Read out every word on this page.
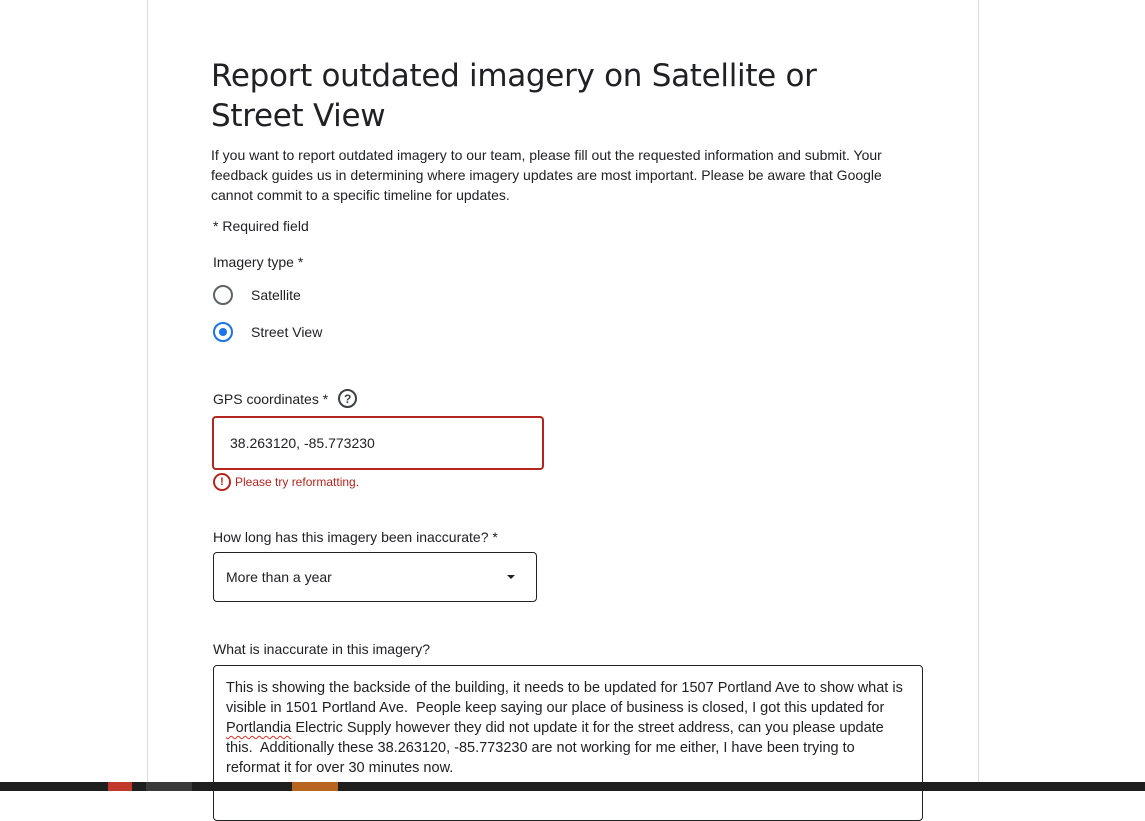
Report outdated imagery on Satellite or Street View

If you want to report outdated imagery to our team, please fill out the requested information and submit. Your feedback guides us in determining where imagery updates are most important. Please be aware that Google cannot commit to a specific timeline for updates.

* Required field
Imagery type *
Satellite
Street View
GPS coordinates *	?
38.263120, -85.773230
! Please try reformatting.
How long has this imagery been inaccurate? *
More than a year
What is inaccurate in this imagery?
This is showing the backside of the building, it needs to be updated for 1507 Portland Ave to show what is visible in 1501 Portland Ave.  People keep saying our place of business is closed, I got this updated for Portlandia Electric Supply however they did not update it for the street address, can you please update this.  Additionally these 38.263120, -85.773230 are not working for me either, I have been trying to reformat it for over 30 minutes now.
